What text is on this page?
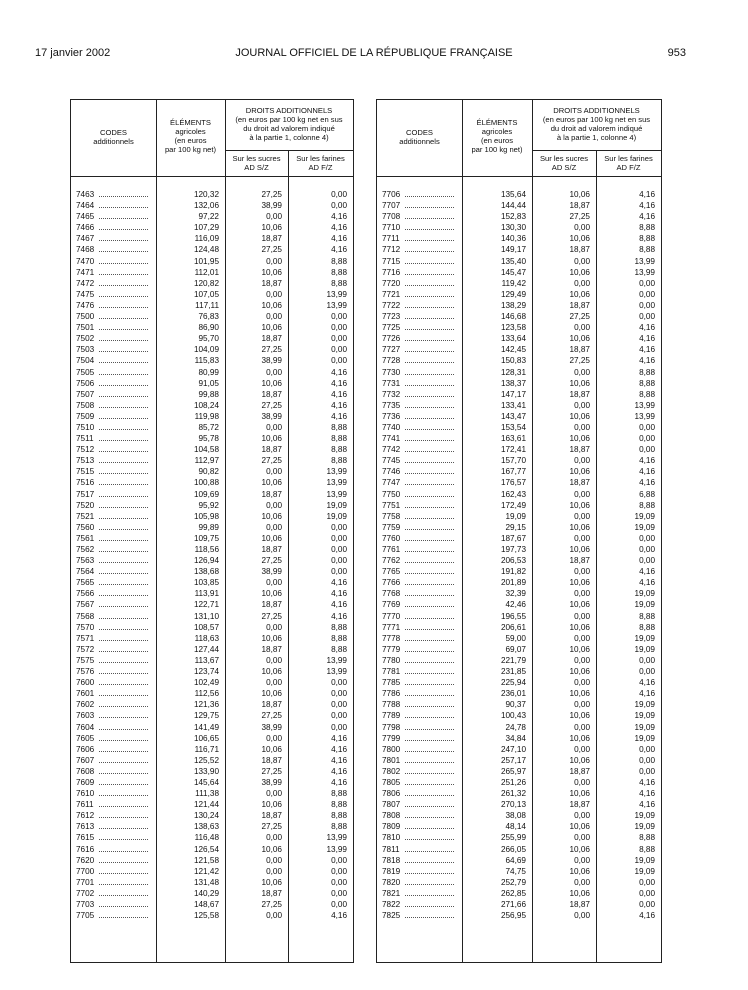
17 janvier 2002	JOURNAL OFFICIEL DE LA RÉPUBLIQUE FRANÇAISE	953
CODES
additionnels
ÉLÉMENTS
agricoles
(en euros
par 100 kg net)
DROITS ADDITIONNELS
(en euros par 100 kg net en sus
du droit ad valorem indiqué
à la partie 1, colonne 4)
Sur les sucres
AD S/Z
Sur les farines
AD F/Z
7463	120,32	27,25	0,00
7464	132,06	38,99	0,00
7465	97,22	0,00	4,16
7466	107,29	10,06	4,16
7467	116,09	18,87	4,16
7468	124,48	27,25	4,16
7470	101,95	0,00	8,88
7471	112,01	10,06	8,88
7472	120,82	18,87	8,88
7475	107,05	0,00	13,99
7476	117,11	10,06	13,99
7500	76,83	0,00	0,00
7501	86,90	10,06	0,00
7502	95,70	18,87	0,00
7503	104,09	27,25	0,00
7504	115,83	38,99	0,00
7505	80,99	0,00	4,16
7506	91,05	10,06	4,16
7507	99,88	18,87	4,16
7508	108,24	27,25	4,16
7509	119,98	38,99	4,16
7510	85,72	0,00	8,88
7511	95,78	10,06	8,88
7512	104,58	18,87	8,88
7513	112,97	27,25	8,88
7515	90,82	0,00	13,99
7516	100,88	10,06	13,99
7517	109,69	18,87	13,99
7520	95,92	0,00	19,09
7521	105,98	10,06	19,09
7560	99,89	0,00	0,00
7561	109,75	10,06	0,00
7562	118,56	18,87	0,00
7563	126,94	27,25	0,00
7564	138,68	38,99	0,00
7565	103,85	0,00	4,16
7566	113,91	10,06	4,16
7567	122,71	18,87	4,16
7568	131,10	27,25	4,16
7570	108,57	0,00	8,88
7571	118,63	10,06	8,88
7572	127,44	18,87	8,88
7575	113,67	0,00	13,99
7576	123,74	10,06	13,99
7600	102,49	0,00	0,00
7601	112,56	10,06	0,00
7602	121,36	18,87	0,00
7603	129,75	27,25	0,00
7604	141,49	38,99	0,00
7605	106,65	0,00	4,16
7606	116,71	10,06	4,16
7607	125,52	18,87	4,16
7608	133,90	27,25	4,16
7609	145,64	38,99	4,16
7610	111,38	0,00	8,88
7611	121,44	10,06	8,88
7612	130,24	18,87	8,88
7613	138,63	27,25	8,88
7615	116,48	0,00	13,99
7616	126,54	10,06	13,99
7620	121,58	0,00	0,00
7700	121,42	0,00	0,00
7701	131,48	10,06	0,00
7702	140,29	18,87	0,00
7703	148,67	27,25	0,00
7705	125,58	0,00	4,16
CODES
additionnels
ÉLÉMENTS
agricoles
(en euros
par 100 kg net)
DROITS ADDITIONNELS
(en euros par 100 kg net en sus
du droit ad valorem indiqué
à la partie 1, colonne 4)
Sur les sucres
AD S/Z
Sur les farines
AD F/Z
7706	135,64	10,06	4,16
7707	144,44	18,87	4,16
7708	152,83	27,25	4,16
7710	130,30	0,00	8,88
7711	140,36	10,06	8,88
7712	149,17	18,87	8,88
7715	135,40	0,00	13,99
7716	145,47	10,06	13,99
7720	119,42	0,00	0,00
7721	129,49	10,06	0,00
7722	138,29	18,87	0,00
7723	146,68	27,25	0,00
7725	123,58	0,00	4,16
7726	133,64	10,06	4,16
7727	142,45	18,87	4,16
7728	150,83	27,25	4,16
7730	128,31	0,00	8,88
7731	138,37	10,06	8,88
7732	147,17	18,87	8,88
7735	133,41	0,00	13,99
7736	143,47	10,06	13,99
7740	153,54	0,00	0,00
7741	163,61	10,06	0,00
7742	172,41	18,87	0,00
7745	157,70	0,00	4,16
7746	167,77	10,06	4,16
7747	176,57	18,87	4,16
7750	162,43	0,00	6,88
7751	172,49	10,06	8,88
7758	19,09	0,00	19,09
7759	29,15	10,06	19,09
7760	187,67	0,00	0,00
7761	197,73	10,06	0,00
7762	206,53	18,87	0,00
7765	191,82	0,00	4,16
7766	201,89	10,06	4,16
7768	32,39	0,00	19,09
7769	42,46	10,06	19,09
7770	196,55	0,00	8,88
7771	206,61	10,06	8,88
7778	59,00	0,00	19,09
7779	69,07	10,06	19,09
7780	221,79	0,00	0,00
7781	231,85	10,06	0,00
7785	225,94	0,00	4,16
7786	236,01	10,06	4,16
7788	90,37	0,00	19,09
7789	100,43	10,06	19,09
7798	24,78	0,00	19,09
7799	34,84	10,06	19,09
7800	247,10	0,00	0,00
7801	257,17	10,06	0,00
7802	265,97	18,87	0,00
7805	251,26	0,00	4,16
7806	261,32	10,06	4,16
7807	270,13	18,87	4,16
7808	38,08	0,00	19,09
7809	48,14	10,06	19,09
7810	255,99	0,00	8,88
7811	266,05	10,06	8,88
7818	64,69	0,00	19,09
7819	74,75	10,06	19,09
7820	252,79	0,00	0,00
7821	262,85	10,06	0,00
7822	271,66	18,87	0,00
7825	256,95	0,00	4,16
